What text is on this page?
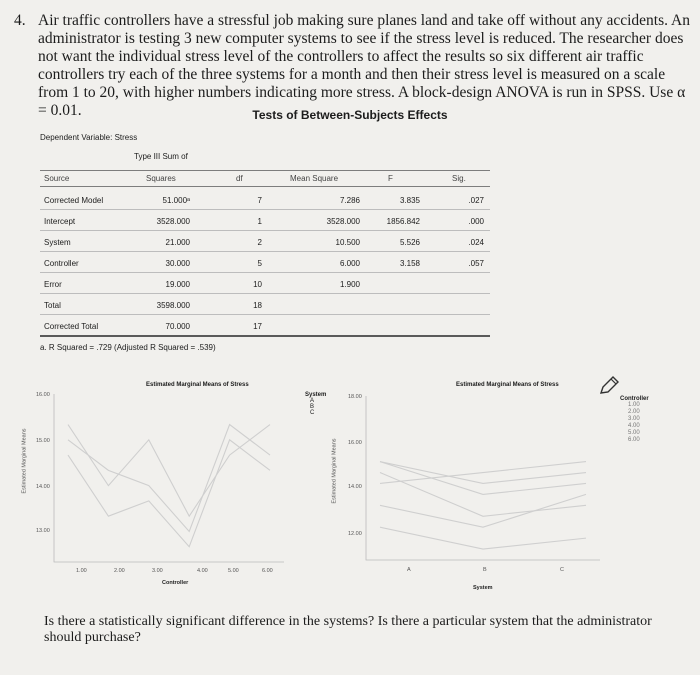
4. Air traffic controllers have a stressful job making sure planes land and take off without any accidents. An administrator is testing 3 new computer systems to see if the stress level is reduced. The researcher does not want the individual stress level of the controllers to affect the results so six different air traffic controllers try each of the three systems for a month and then their stress level is measured on a scale from 1 to 20, with higher numbers indicating more stress. A block-design ANOVA is run in SPSS. Use α = 0.01.	Tests of Between-Subjects Effects
Dependent Variable: Stress
Type III Sum of
Source	Squares	df	Mean Square	F	Sig.
Corrected Model	51.000ᵃ	7	7.286	3.835	.027
Intercept	3528.000	1	3528.000	1856.842	.000
System	21.000	2	10.500	5.526	.024
Controller	30.000	5	6.000	3.158	.057
Error	19.000	10	1.900
Total	3598.000	18
Corrected Total	70.000	17
a. R Squared = .729 (Adjusted R Squared = .539)
Estimated Marginal Means of Stress
Estimated Marginal Means
16.00
15.00
14.00
13.00
1.00	2.00	3.00	4.00	5.00	6.00
Controller
System
A
B
C
Estimated Marginal Means of Stress
Estimated Marginal Means
18.00
16.00
14.00
12.00
A	B	C
System
Controller
1.00
2.00
3.00
4.00
5.00
6.00
Is there a statistically significant difference in the systems? Is there a particular system that the administrator should purchase?
